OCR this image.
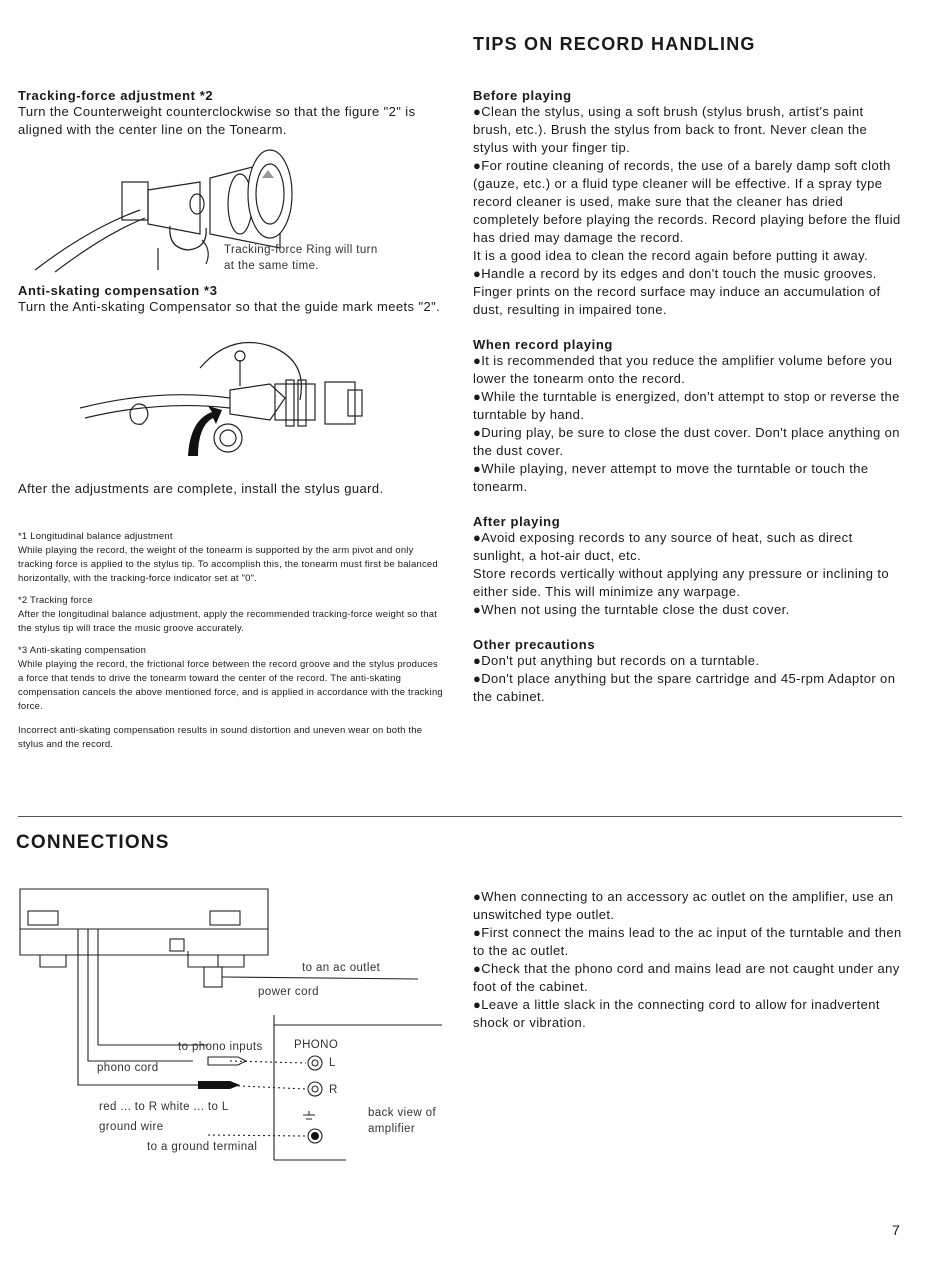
TIPS ON RECORD HANDLING
Tracking-force adjustment *2

Turn the Counterweight counterclockwise so that the figure "2" is aligned with the center line on the Tonearm.

Tracking-force Ring will turn
at the same time.
Anti-skating compensation *3

Turn the Anti-skating Compensator so that the guide mark meets "2".

After the adjustments are complete, install the stylus guard.
*1 Longitudinal balance adjustment
While playing the record, the weight of the tonearm is supported by the arm pivot and only tracking force is applied to the stylus tip. To accomplish this, the tonearm must first be balanced horizontally, with the tracking-force indicator set at "0".
*2 Tracking force
After the longitudinal balance adjustment, apply the recommended tracking-force weight so that the stylus tip will trace the music groove accurately.
*3 Anti-skating compensation
While playing the record, the frictional force between the record groove and the stylus produces a force that tends to drive the tonearm toward the center of the record. The anti-skating compensation cancels the above mentioned force, and is applied in accordance with the tracking force.
Incorrect anti-skating compensation results in sound distortion and uneven wear on both the stylus and the record.
Before playing

●Clean the stylus, using a soft brush (stylus brush, artist's paint brush, etc.). Brush the stylus from back to front. Never clean the stylus with your finger tip.

●For routine cleaning of records, the use of a barely damp soft cloth (gauze, etc.) or a fluid type cleaner will be effective. If a spray type record cleaner is used, make sure that the cleaner has dried completely before playing the records. Record playing before the fluid has dried may damage the record.

It is a good idea to clean the record again before putting it away.

●Handle a record by its edges and don't touch the music grooves. Finger prints on the record surface may induce an accumulation of dust, resulting in impaired tone.

When record playing

●It is recommended that you reduce the amplifier volume before you lower the tonearm onto the record.

●While the turntable is energized, don't attempt to stop or reverse the turntable by hand.

●During play, be sure to close the dust cover. Don't place anything on the dust cover.

●While playing, never attempt to move the turntable or touch the tonearm.

After playing

●Avoid exposing records to any source of heat, such as direct sunlight, a hot-air duct, etc.

Store records vertically without applying any pressure or inclining to either side. This will minimize any warpage.

●When not using the turntable close the dust cover.

Other precautions

●Don't put anything but records on a turntable.

●Don't place anything but the spare cartridge and 45-rpm Adaptor on the cabinet.

CONNECTIONS
to an ac outlet
power cord
to phono inputs	PHONO
L
R
phono cord
red ... to R white ... to L
ground wire
to a ground terminal
back view of
amplifier

●When connecting to an accessory ac outlet on the amplifier, use an unswitched type outlet.

●First connect the mains lead to the ac input of the turntable and then to the ac outlet.

●Check that the phono cord and mains lead are not caught under any foot of the cabinet.

●Leave a little slack in the connecting cord to allow for inadvertent shock or vibration.

7
